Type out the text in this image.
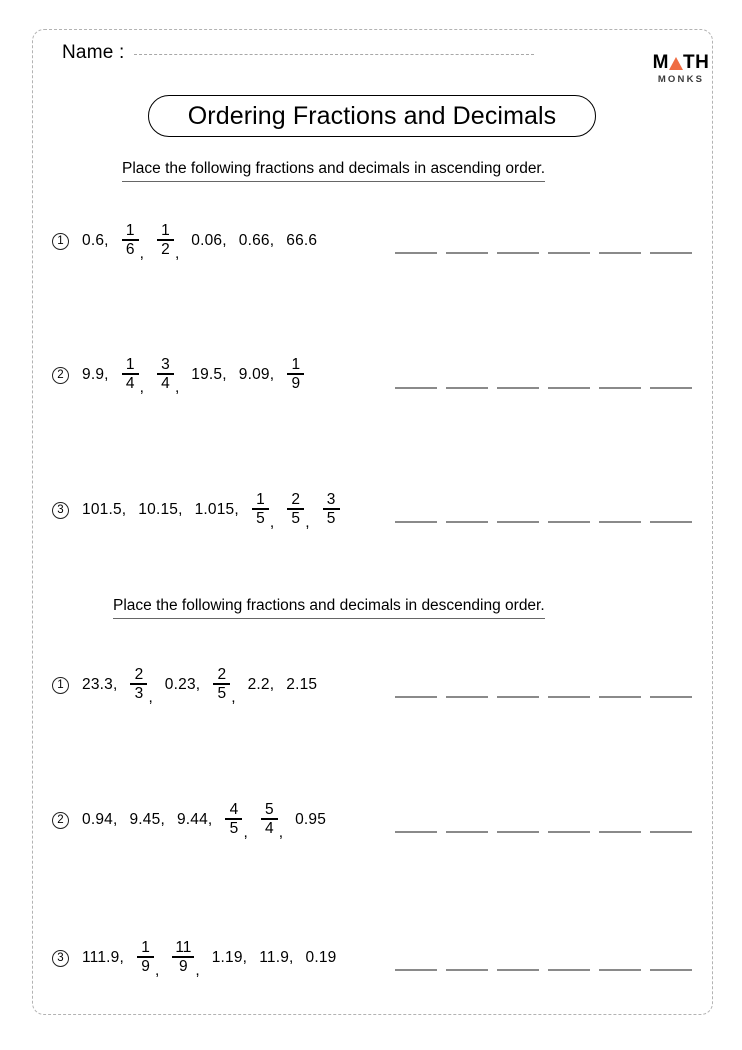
Name :	M TH
MONKS
Ordering Fractions and Decimals
Place the following fractions and decimals in ascending order.
1	0.6, $\frac{1}{6}$ , $\frac{1}{2}$ ,
0.06, 0.66, 66.6
2	9.9, $\frac{1}{4}$ , $\frac{3}{4}$ ,
19.5, 9.09, $\frac{1}{9}$
3	101.5, 10.15, 1.015, $\frac{1}{5}$ , $\frac{2}{5}$ , $\frac{3}{5}$
Place the following fractions and decimals in descending order.
1	23.3, $\frac{2}{3}$ ,
0.23, $\frac{2}{5}$ ,
2.2, 2.15
2	0.94, 9.45, 9.44, $\frac{4}{5}$ , $\frac{5}{4}$ ,
0.95
3	111.9, $\frac{1}{9}$ , $\frac{11}{9}$ ,
1.19, 11.9, 0.19
